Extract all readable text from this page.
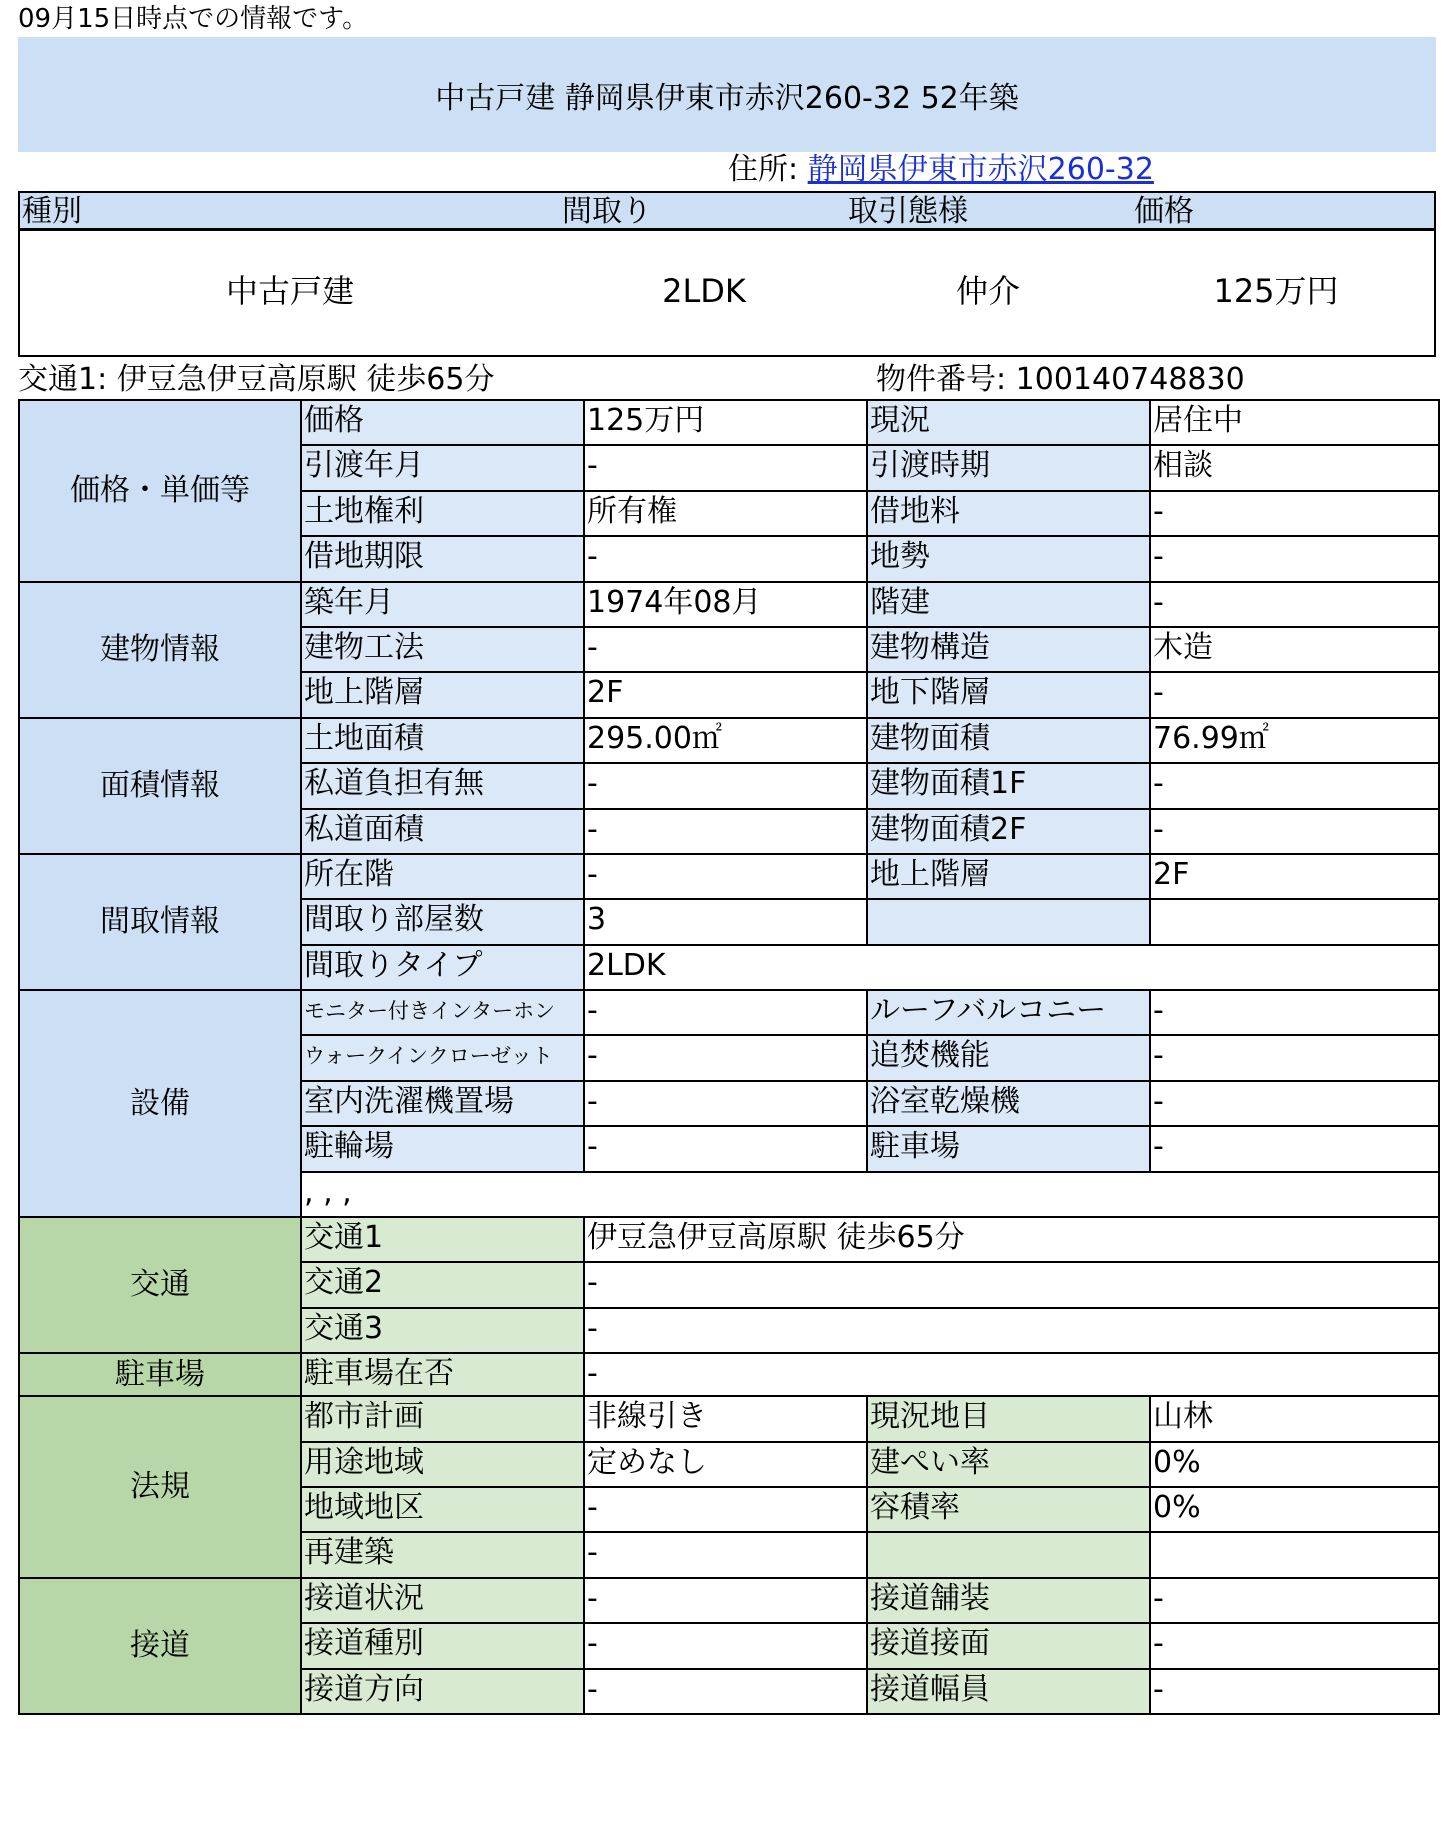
09月15日時点での情報です。
中古戸建 静岡県伊東市赤沢260-32 52年築
住所: 静岡県伊東市赤沢260-32
種別	間取り	取引態様	価格
中古戸建	2LDK	仲介	125万円
交通1: 伊豆急伊豆高原駅 徒歩65分	物件番号: 100140748830
価格・単価等	価格	125万円	現況	居住中
	引渡年月	-	引渡時期	相談
	土地権利	所有権	借地料	-
	借地期限	-	地勢	-
建物情報	築年月	1974年08月	階建	-
	建物工法	-	建物構造	木造
	地上階層	2F	地下階層	-
面積情報	土地面積	295.00㎡	建物面積	76.99㎡
	私道負担有無	-	建物面積1F	-
	私道面積	-	建物面積2F	-
間取情報	所在階	-	地上階層	2F
	間取り部屋数	3		
	間取りタイプ	2LDK		
設備	モニター付きインターホン	-	ルーフバルコニー	-
	ウォークインクローゼット	-	追焚機能	-
	室内洗濯機置場	-	浴室乾燥機	-
	駐輪場	-	駐車場	-
	, , ,			
交通	交通1	伊豆急伊豆高原駅 徒歩65分		
	交通2	-		
	交通3	-		
駐車場	駐車場在否	-		
法規	都市計画	非線引き	現況地目	山林
	用途地域	定めなし	建ぺい率	0%
	地域地区	-	容積率	0%
	再建築	-		
接道	接道状況	-	接道舗装	-
	接道種別	-	接道接面	-
	接道方向	-	接道幅員	-
